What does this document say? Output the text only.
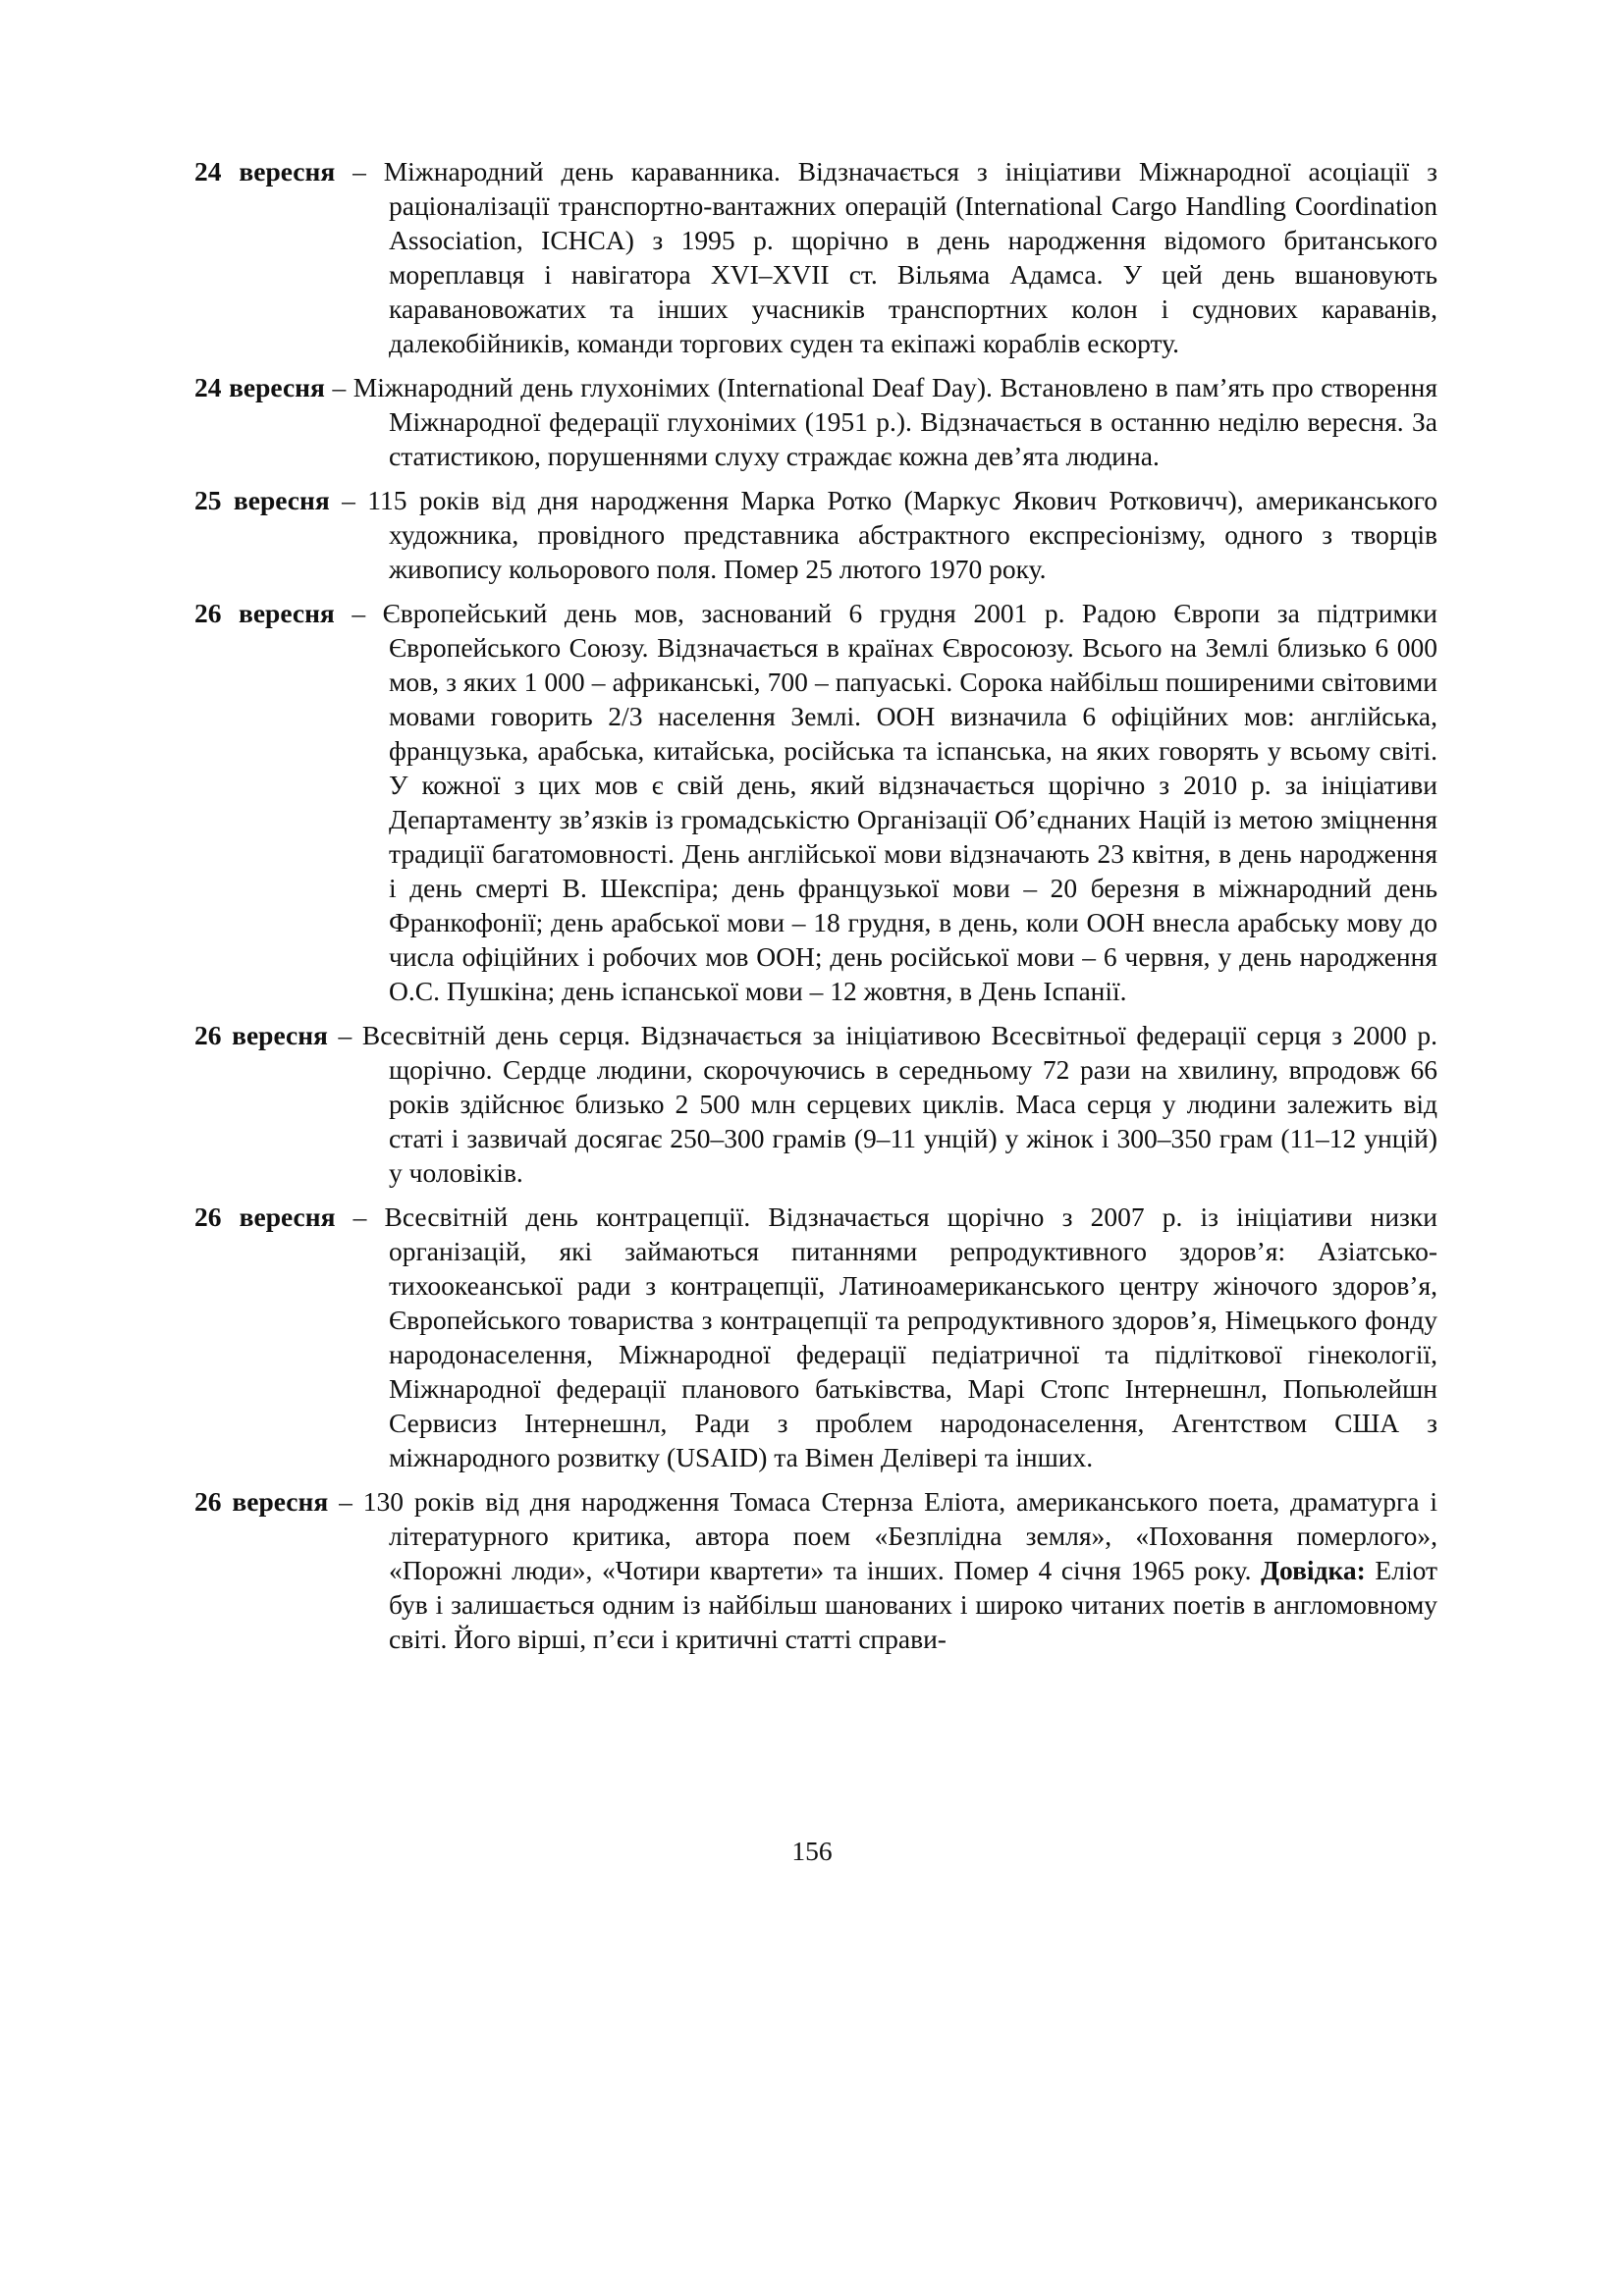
24 вересня – Міжнародний день караванника. Відзначається з ініціативи Міжнародної асоціації з раціоналізації транспортно-вантажних операцій (International Cargo Handling Coordination Association, ICHCA) з 1995 р. щорічно в день народження відомого британського мореплавця і навігатора XVI–XVII ст. Вільяма Адамса. У цей день вшановують каравановожатих та інших учасників транспортних колон і суднових караванів, далекобійників, команди торгових суден та екіпажі кораблів ескорту.

24 вересня – Міжнародний день глухонімих (International Deaf Day). Встановлено в пам’ять про створення Міжнародної федерації глухонімих (1951 р.). Відзначається в останню неділю вересня. За статистикою, порушеннями слуху страждає кожна дев’ята людина.

25 вересня – 115 років від дня народження Марка Ротко (Маркус Якович Ротковичч), американського художника, провідного представника абстрактного експресіонізму, одного з творців живопису кольорового поля. Помер 25 лютого 1970 року.

26 вересня – Європейський день мов, заснований 6 грудня 2001 р. Радою Європи за підтримки Європейського Союзу. Відзначається в країнах Євросоюзу. Всього на Землі близько 6 000 мов, з яких 1 000 – африканські, 700 – папуаські. Сорока найбільш поширеними світовими мовами говорить 2/3 населення Землі. ООН визначила 6 офіційних мов: англійська, французька, арабська, китайська, російська та іспанська, на яких говорять у всьому світі. У кожної з цих мов є свій день, який відзначається щорічно з 2010 р. за ініціативи Департаменту зв’язків із громадськістю Організації Об’єднаних Націй із метою зміцнення традиції багатомовності. День англійської мови відзначають 23 квітня, в день народження і день смерті В. Шекспіра; день французької мови – 20 березня в міжнародний день Франкофонії; день арабської мови – 18 грудня, в день, коли ООН внесла арабську мову до числа офіційних і робочих мов ООН; день російської мови – 6 червня, у день народження О.С. Пушкіна; день іспанської мови – 12 жовтня, в День Іспанії.

26 вересня – Всесвітній день серця. Відзначається за ініціативою Всесвітньої федерації серця з 2000 р. щорічно. Сердце людини, скорочуючись в середньому 72 рази на хвилину, впродовж 66 років здійснює близько 2 500 млн серцевих циклів. Маса серця у людини залежить від статі і зазвичай досягає 250–300 грамів (9–11 унцій) у жінок і 300–350 грам (11–12 унцій) у чоловіків.

26 вересня – Всесвітній день контрацепції. Відзначається щорічно з 2007 р. із ініціативи низки організацій, які займаються питаннями репродуктивного здоров’я: Азіатсько-тихоокеанської ради з контрацепції, Латиноамериканського центру жіночого здоров’я, Європейського товариства з контрацепції та репродуктивного здоров’я, Німецького фонду народонаселення, Міжнародної федерації педіатричної та підліткової гінекології, Міжнародної федерації планового батьківства, Марі Стопс Інтернешнл, Попьюлейшн Сервисиз Інтернешнл, Ради з проблем народонаселення, Агентством США з міжнародного розвитку (USAID) та Вімен Делівері та інших.

26 вересня – 130 років від дня народження Томаса Стернза Еліота, американського поета, драматурга і літературного критика, автора поем «Безплідна земля», «Поховання померлого», «Порожні люди», «Чотири квартети» та інших. Помер 4 січня 1965 року. Довідка: Еліот був і залишається одним із найбільш шанованих і широко читаних поетів в англомовному світі. Його вірші, п’єси і критичні статті справи-

156
